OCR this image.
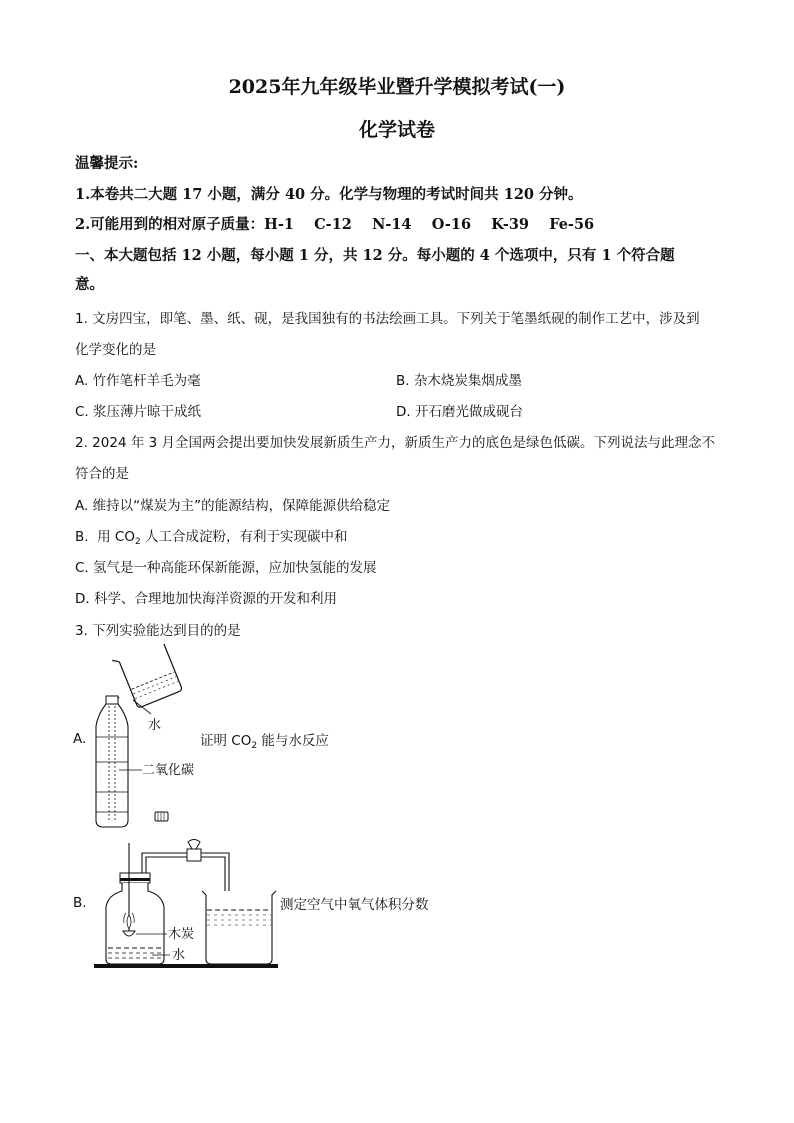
2025年九年级毕业暨升学模拟考试(一)
化学试卷
温馨提示:
1.本卷共二大题 17 小题，满分 40 分。化学与物理的考试时间共 120 分钟。
2.可能用到的相对原子质量：H-1    C-12    N-14    O-16    K-39    Fe-56
一、本大题包括 12 小题，每小题 1 分，共 12 分。每小题的 4 个选项中，只有 1 个符合题
意。
1. 文房四宝，即笔、墨、纸、砚，是我国独有的书法绘画工具。下列关于笔墨纸砚的制作工艺中，涉及到
化学变化的是
A. 竹作笔杆羊毛为毫	B. 杂木烧炭集烟成墨
C. 浆压薄片晾干成纸	D. 开石磨光做成砚台
2. 2024 年 3 月全国两会提出要加快发展新质生产力，新质生产力的底色是绿色低碳。下列说法与此理念不
符合的是
A. 维持以“煤炭为主”的能源结构，保障能源供给稳定
B.  用 $CO_2$ 人工合成淀粉，有利于实现碳中和
C. 氢气是一种高能环保新能源，应加快氢能的发展
D. 科学、合理地加快海洋资源的开发和利用
3. 下列实验能达到目的的是
A.	证明 $CO_2$ 能与水反应
水
二氧化碳
B.	测定空气中氧气体积分数
木炭
水
